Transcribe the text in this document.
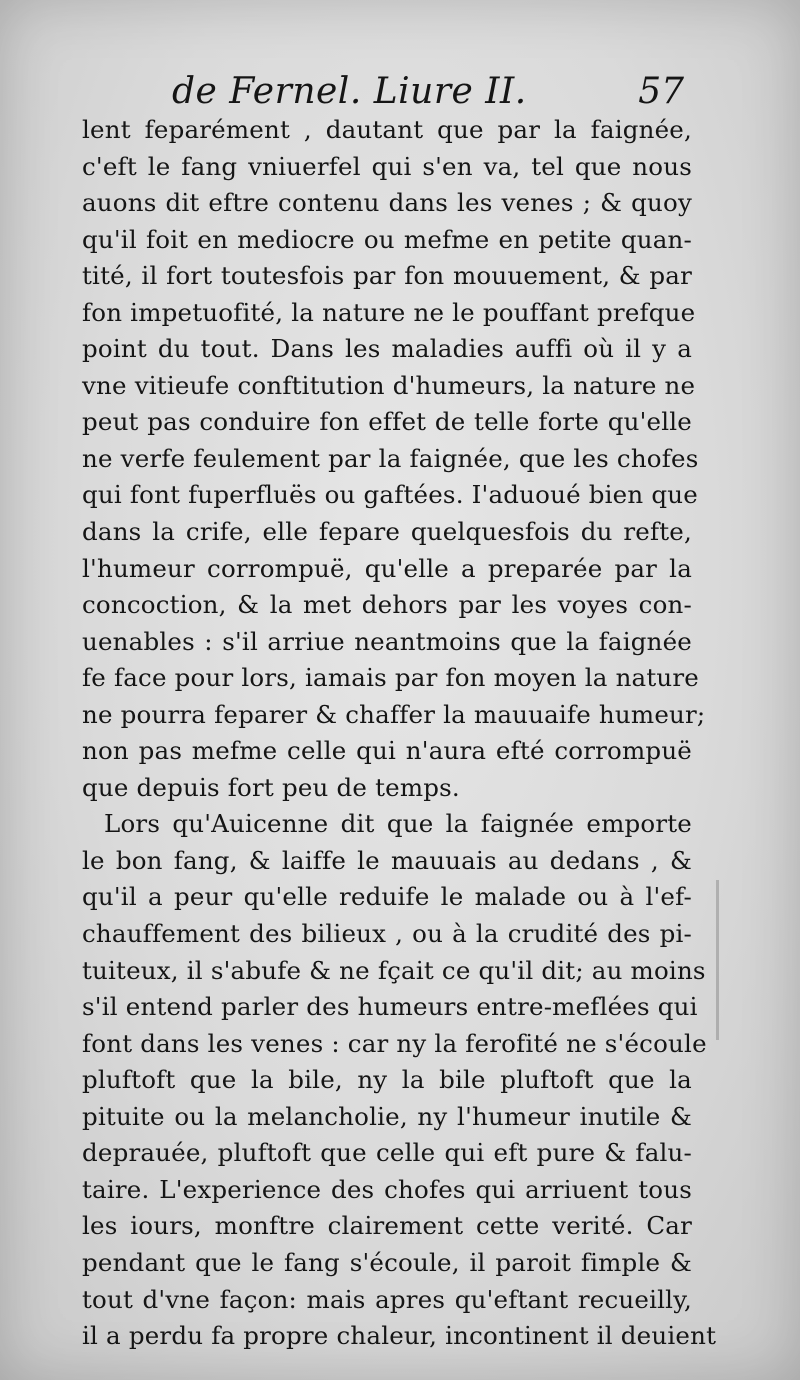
de Fernel. Liure II.	57
lent feparément , dautant que par la faignée,
c'eft le fang vniuerfel qui s'en va, tel que nous
auons dit eftre contenu dans les venes ; & quoy
qu'il foit en mediocre ou mefme en petite quan-
tité, il fort toutesfois par fon mouuement, & par
fon impetuofité, la nature ne le pouffant prefque
point du tout. Dans les maladies auffi où il y a
vne vitieufe conftitution d'humeurs, la nature ne
peut pas conduire fon effet de telle forte qu'elle
ne verfe feulement par la faignée, que les chofes
qui font fuperfluës ou gaftées. I'aduoué bien que
dans la crife, elle fepare quelquesfois du refte,
l'humeur corrompuë, qu'elle a preparée par la
concoction, & la met dehors par les voyes con-
uenables : s'il arriue neantmoins que la faignée
fe face pour lors, iamais par fon moyen la nature
ne pourra feparer & chaffer la mauuaife humeur;
non pas mefme celle qui n'aura efté corrompuë
que depuis fort peu de temps.
Lors qu'Auicenne dit que la faignée emporte
le bon fang, & laiffe le mauuais au dedans , &
qu'il a peur qu'elle reduife le malade ou à l'ef-
chauffement des bilieux , ou à la crudité des pi-
tuiteux, il s'abufe & ne fçait ce qu'il dit; au moins
s'il entend parler des humeurs entre-meflées qui
font dans les venes : car ny la ferofité ne s'écoule
pluftoft que la bile, ny la bile pluftoft que la
pituite ou la melancholie, ny l'humeur inutile &
deprauée, pluftoft que celle qui eft pure & falu-
taire. L'experience des chofes qui arriuent tous
les iours, monftre clairement cette verité. Car
pendant que le fang s'écoule, il paroit fimple &
tout d'vne façon: mais apres qu'eftant recueilly,
il a perdu fa propre chaleur, incontinent il deuient
